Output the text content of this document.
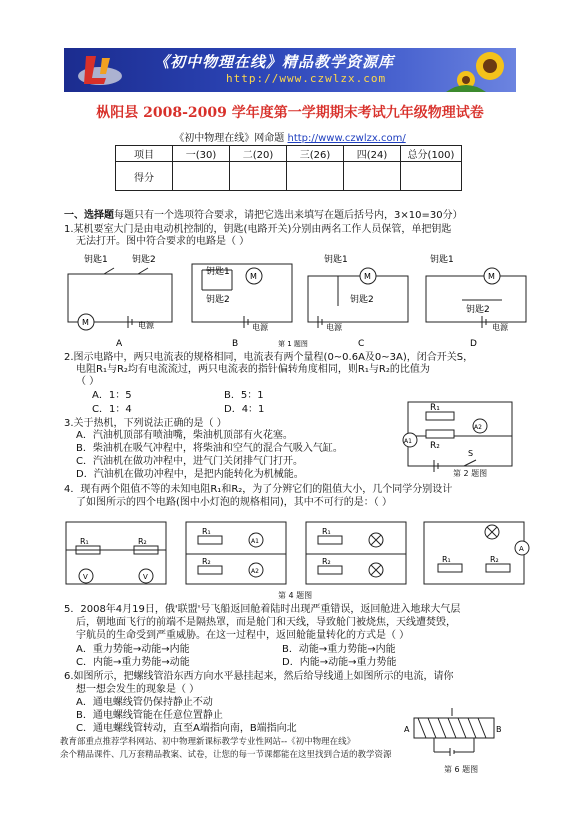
《初中物理在线》精品教学资源库
http://www.czwlzx.com
枞阳县 2008-2009 学年度第一学期期末考试九年级物理试卷
《初中物理在线》网命题 http://www.czwlzx.com/
项目	一(30)	二(20)	三(26)	四(24)	总分(100)
得分					
一、选择题每题只有一个选项符合要求，请把它选出来填写在题后括号内，3×10=30分）
1.某机要室大门是由电动机控制的，钥匙(电路开关)分别由两名工作人员保管，单把钥匙
无法打开。图中符合要求的电路是（ ）
钥匙1	钥匙2
M	电源
A
钥匙1
钥匙2
M
电源
B
钥匙1
钥匙2
M
电源
C
钥匙1
钥匙2
M
电源
D
第 1 题图
2.图示电路中，两只电流表的规格相同，电流表有两个量程(0~0.6A及0~3A)，闭合开关S，
电阻R₁与R₂均有电流流过，两只电流表的指针偏转角度相同，则R₁与R₂的比值为
（ ）
A．1：5	B．5：1
C．1：4	D．4：1	R₁
R₂
A1
A2
S
第 2 题图
3.关于热机，下列说法正确的是（ ）
A．汽油机顶部有喷油嘴，柴油机顶部有火花塞。
B．柴油机在吸气冲程中，将柴油和空气的混合气吸入气缸。
C．汽油机在做功冲程中，进气门关闭排气门打开。
D．汽油机在做功冲程中，是把内能转化为机械能。
4．现有两个阻值不等的未知电阻R₁和R₂，为了分辨它们的阻值大小，几个同学分别设计
了如图所示的四个电路(图中小灯泡的规格相同)，其中不可行的是：（ ）
R₁	R₂
V	V
R₁
R₂
A1
A2
R₁
R₂	R₁	R₂
A
第 4 题图
5．2008年4月19日，俄'联盟'号飞船返回舱着陆时出现严重错误，返回舱进入地球大气层
后，朝地面飞行的前端不是隔热罩，而是舱门和天线，导致舱门被烧焦，天线遭焚毁，
宇航员的生命受到严重威胁。在这一过程中，返回舱能量转化的方式是（ ）
A．重力势能→动能→内能	B．动能→重力势能→内能
C．内能→重力势能→动能	D．内能→动能→重力势能
6.如图所示，把螺线管沿东西方向水平悬挂起来，然后给导线通上如图所示的电流，请你
想一想会发生的现象是（ ）
A．通电螺线管仍保持静止不动
B．通电螺线管能在任意位置静止
C．通电螺线管转动，直至A端指向南，B端指向北	A	B
第 6 题图
教育部重点推荐学科网站、初中物理新课标教学专业性网站--《初中物理在线》
余个精品课件、几万套精品教案、试卷，让您的每一节课都能在这里找到合适的教学资源
